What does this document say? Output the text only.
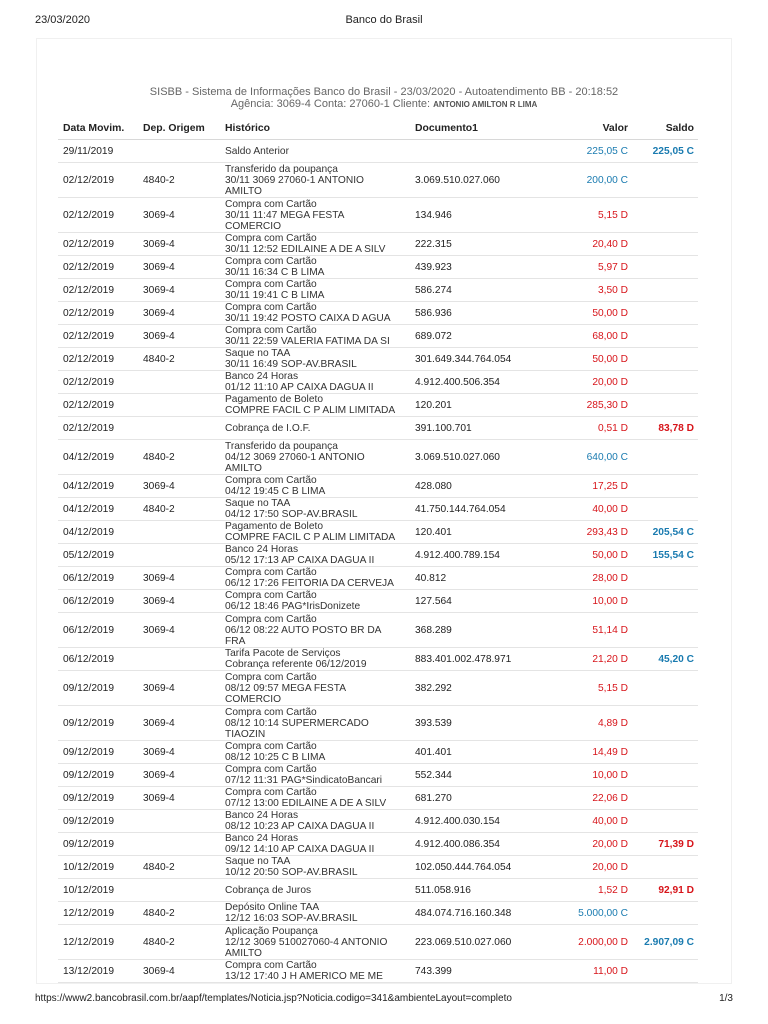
23/03/2020	Banco do Brasil
SISBB - Sistema de Informações Banco do Brasil - 23/03/2020 - Autoatendimento BB - 20:18:52
Agência: 3069-4 Conta: 27060-1 Cliente: ANTONIO AMILTON R LIMA
Data Movim.	Dep. Origem	Histórico	Documento1	Valor	Saldo
29/11/2019		Saldo Anterior		225,05 C	225,05 C
02/12/2019	4840-2	Transferido da poupança
30/11 3069 27060-1 ANTONIO
AMILTO	3.069.510.027.060	200,00 C	
02/12/2019	3069-4	Compra com Cartão
30/11 11:47 MEGA FESTA
COMERCIO	134.946	5,15 D	
02/12/2019	3069-4	Compra com Cartão
30/11 12:52 EDILAINE A DE A SILV	222.315	20,40 D	
02/12/2019	3069-4	Compra com Cartão
30/11 16:34 C B LIMA	439.923	5,97 D	
02/12/2019	3069-4	Compra com Cartão
30/11 19:41 C B LIMA	586.274	3,50 D	
02/12/2019	3069-4	Compra com Cartão
30/11 19:42 POSTO CAIXA D AGUA	586.936	50,00 D	
02/12/2019	3069-4	Compra com Cartão
30/11 22:59 VALERIA FATIMA DA SI	689.072	68,00 D	
02/12/2019	4840-2	Saque no TAA
30/11 16:49 SOP-AV.BRASIL	301.649.344.764.054	50,00 D	
02/12/2019		Banco 24 Horas
01/12 11:10 AP CAIXA DAGUA II	4.912.400.506.354	20,00 D	
02/12/2019		Pagamento de Boleto
COMPRE FACIL C P ALIM LIMITADA	120.201	285,30 D	
02/12/2019		Cobrança de I.O.F.	391.100.701	0,51 D	83,78 D
04/12/2019	4840-2	Transferido da poupança
04/12 3069 27060-1 ANTONIO
AMILTO	3.069.510.027.060	640,00 C	
04/12/2019	3069-4	Compra com Cartão
04/12 19:45 C B LIMA	428.080	17,25 D	
04/12/2019	4840-2	Saque no TAA
04/12 17:50 SOP-AV.BRASIL	41.750.144.764.054	40,00 D	
04/12/2019		Pagamento de Boleto
COMPRE FACIL C P ALIM LIMITADA	120.401	293,43 D	205,54 C
05/12/2019		Banco 24 Horas
05/12 17:13 AP CAIXA DAGUA II	4.912.400.789.154	50,00 D	155,54 C
06/12/2019	3069-4	Compra com Cartão
06/12 17:26 FEITORIA DA CERVEJA	40.812	28,00 D	
06/12/2019	3069-4	Compra com Cartão
06/12 18:46 PAG*IrisDonizete	127.564	10,00 D	
06/12/2019	3069-4	Compra com Cartão
06/12 08:22 AUTO POSTO BR DA
FRA	368.289	51,14 D	
06/12/2019		Tarifa Pacote de Serviços
Cobrança referente 06/12/2019	883.401.002.478.971	21,20 D	45,20 C
09/12/2019	3069-4	Compra com Cartão
08/12 09:57 MEGA FESTA
COMERCIO	382.292	5,15 D	
09/12/2019	3069-4	Compra com Cartão
08/12 10:14 SUPERMERCADO
TIAOZIN	393.539	4,89 D	
09/12/2019	3069-4	Compra com Cartão
08/12 10:25 C B LIMA	401.401	14,49 D	
09/12/2019	3069-4	Compra com Cartão
07/12 11:31 PAG*SindicatoBancari	552.344	10,00 D	
09/12/2019	3069-4	Compra com Cartão
07/12 13:00 EDILAINE A DE A SILV	681.270	22,06 D	
09/12/2019		Banco 24 Horas
08/12 10:23 AP CAIXA DAGUA II	4.912.400.030.154	40,00 D	
09/12/2019		Banco 24 Horas
09/12 14:10 AP CAIXA DAGUA II	4.912.400.086.354	20,00 D	71,39 D
10/12/2019	4840-2	Saque no TAA
10/12 20:50 SOP-AV.BRASIL	102.050.444.764.054	20,00 D	
10/12/2019		Cobrança de Juros	511.058.916	1,52 D	92,91 D
12/12/2019	4840-2	Depósito Online TAA
12/12 16:03 SOP-AV.BRASIL	484.074.716.160.348	5.000,00 C	
12/12/2019	4840-2	Aplicação Poupança
12/12 3069 510027060-4 ANTONIO
AMILTO	223.069.510.027.060	2.000,00 D	2.907,09 C
13/12/2019	3069-4	Compra com Cartão
13/12 17:40 J H AMERICO ME ME	743.399	11,00 D	
https://www2.bancobrasil.com.br/aapf/templates/Noticia.jsp?Noticia.codigo=341&ambienteLayout=completo	1/3
